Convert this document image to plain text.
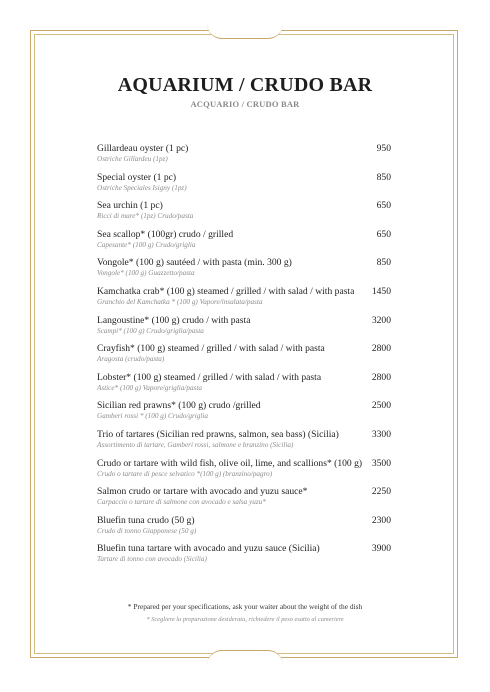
AQUARIUM / CRUDO BAR
ACQUARIO / CRUDO BAR
Gillardeau oyster (1 pc)
Ostriche Gillardeu (1pz)
950
Special oyster (1 pc)
Ostriche Speciales Isigny (1pz)
850
Sea urchin (1 pc)
Ricci di mare* (1pz) Crudo/pasta
650
Sea scallop* (100gr) crudo / grilled
Capesante* (100 g) Crudo/griglia
650
Vongole* (100 g) sautéed / with pasta (min. 300 g)
Vongole* (100 g) Guazzetto/pasta
850
Kamchatka crab* (100 g) steamed / grilled / with salad / with pasta
Granchio del Kamchatka * (100 g) Vapore/insalata/pasta
1450
Langoustine* (100 g) crudo / with pasta
Scampi* (100 g) Crudo/griglia/pasta
3200
Crayfish* (100 g) steamed / grilled / with salad / with pasta
Aragosta (crudo/pasta)
2800
Lobster* (100 g) steamed / grilled / with salad / with pasta
Astice* (100 g) Vapore/griglia/pasta
2800
Sicilian red prawns* (100 g) crudo /grilled
Gamberi rossi * (100 g) Crudo/griglia
2500
Trio of tartares (Sicilian red prawns, salmon, sea bass) (Sicilia)
Assortimento di tartare, Gamberi rossi, salmone e branzino (Sicilia)
3300
Crudo or tartare with wild fish, olive oil, lime, and scallions* (100 g)
Crudo o tartare di pesce selvatico *(100 g) (branzino/pagro)
3500
Salmon crudo or tartare with avocado and yuzu sauce*
Carpaccio o tartare di salmone con avocado e salsa yuzu*
2250
Bluefin tuna crudo (50 g)
Crudo di tonno Giapponese (50 g)
2300
Bluefin tuna tartare with avocado and yuzu sauce (Sicilia)
Tartare di tonno con avocado (Sicilia)
3900
* Prepared per your specifications, ask your waiter about the weight of the dish
* Scegliere la preparazione desiderata, richiedere il peso esatto al cameriere
